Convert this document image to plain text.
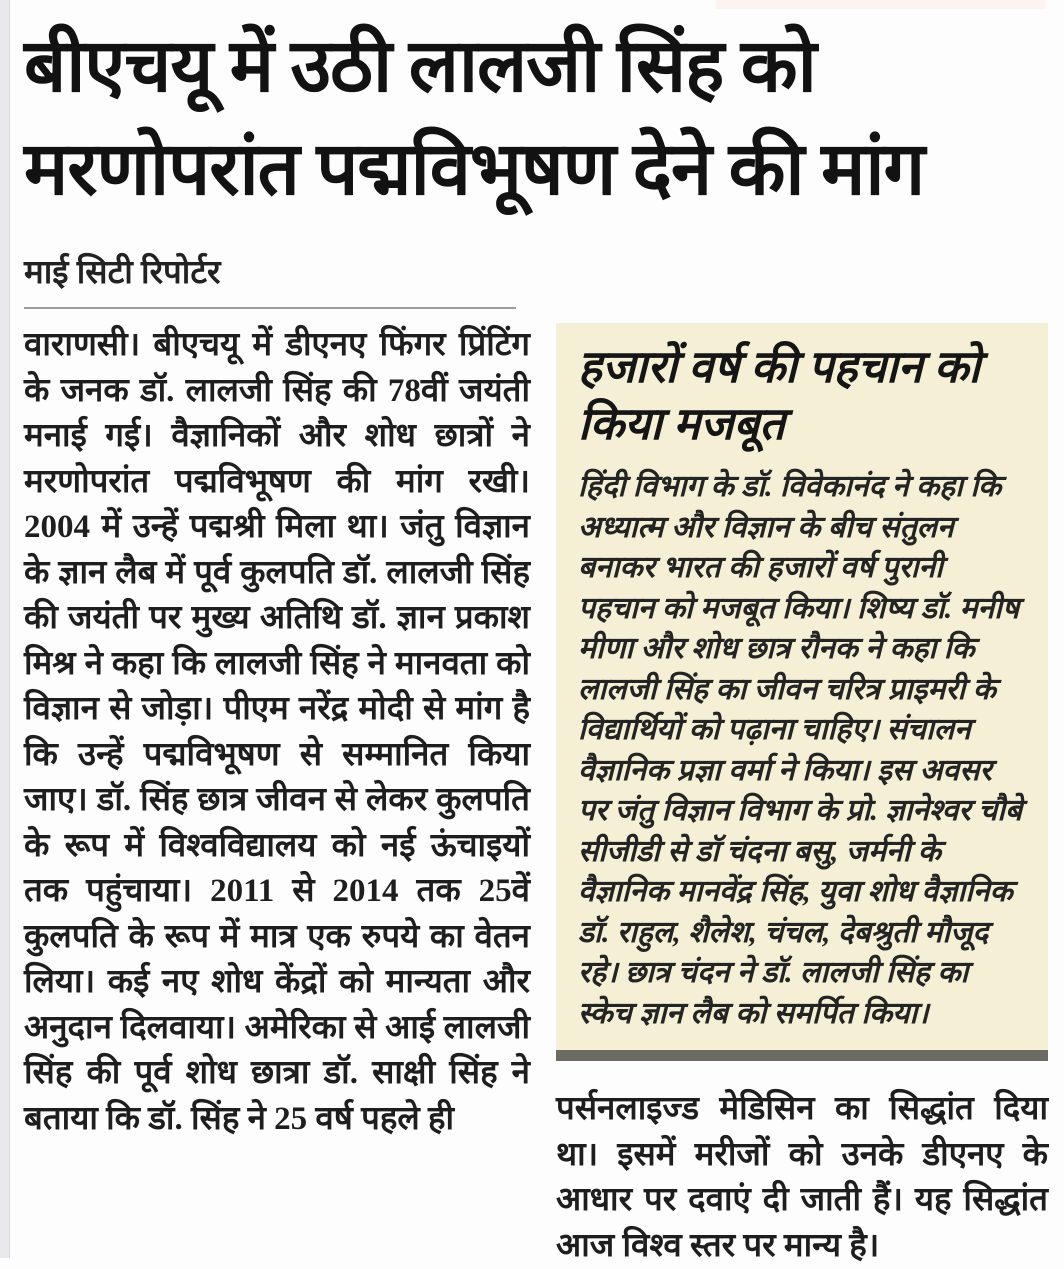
बीएचयू में उठी लालजी सिंह को
मरणोपरांत पद्मविभूषण देने की मांग
माई सिटी रिपोर्टर
वाराणसी। बीएचयू में डीएनए फिंगर प्रिंटिंग के जनक डॉ. लालजी सिंह की 78वीं जयंती मनाई गई। वैज्ञानिकों और शोध छात्रों ने मरणोपरांत पद्मविभूषण की मांग रखी। 2004 में उन्हें पद्मश्री मिला था। जंतु विज्ञान के ज्ञान लैब में पूर्व कुलपति डॉ. लालजी सिंह की जयंती पर मुख्य अतिथि डॉ. ज्ञान प्रकाश मिश्र ने कहा कि लालजी सिंह ने मानवता को विज्ञान से जोड़ा। पीएम नरेंद्र मोदी से मांग है कि उन्हें पद्मविभूषण से सम्मानित किया जाए। डॉ. सिंह छात्र जीवन से लेकर कुलपति के रूप में विश्वविद्यालय को नई ऊंचाइयों तक पहुंचाया। 2011 से 2014 तक 25वें कुलपति के रूप में मात्र एक रुपये का वेतन लिया। कई नए शोध केंद्रों को मान्यता और अनुदान दिलवाया। अमेरिका से आई लालजी सिंह की पूर्व शोध छात्रा डॉ. साक्षी सिंह ने बताया कि डॉ. सिंह ने 25 वर्ष पहले ही
हजारों वर्ष की पहचान को किया मजबूत
हिंदी विभाग के डॉ. विवेकानंद ने कहा कि अध्यात्म और विज्ञान के बीच संतुलन बनाकर भारत की हजारों वर्ष पुरानी पहचान को मजबूत किया। शिष्य डॉ. मनीष मीणा और शोध छात्र रौनक ने कहा कि लालजी सिंह का जीवन चरित्र प्राइमरी के विद्यार्थियों को पढ़ाना चाहिए। संचालन वैज्ञानिक प्रज्ञा वर्मा ने किया। इस अवसर पर जंतु विज्ञान विभाग के प्रो. ज्ञानेश्वर चौबे सीजीडी से डॉ चंदना बसु, जर्मनी के वैज्ञानिक मानवेंद्र सिंह, युवा शोध वैज्ञानिक डॉ. राहुल, शैलेश, चंचल, देबश्रुती मौजूद रहे। छात्र चंदन ने डॉ. लालजी सिंह का स्केच ज्ञान लैब को समर्पित किया।
पर्सनलाइज्ड मेडिसिन का सिद्धांत दिया था। इसमें मरीजों को उनके डीएनए के आधार पर दवाएं दी जाती हैं। यह सिद्धांत आज विश्व स्तर पर मान्य है।
